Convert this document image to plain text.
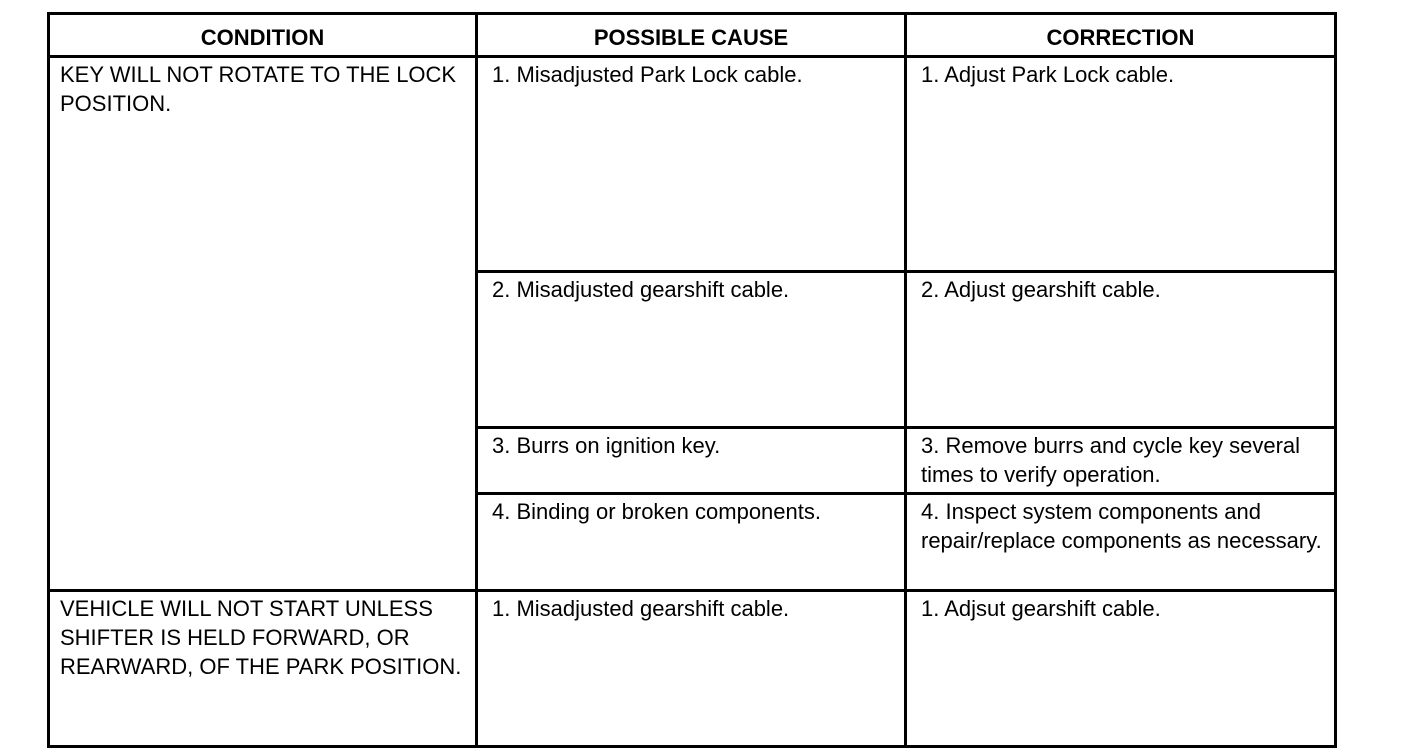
CONDITION	POSSIBLE CAUSE	CORRECTION
KEY WILL NOT ROTATE TO THE LOCK POSITION.	1. Misadjusted Park Lock cable.	1. Adjust Park Lock cable.
	2. Misadjusted gearshift cable.	2. Adjust gearshift cable.
	3. Burrs on ignition key.	3. Remove burrs and cycle key several times to verify operation.
	4. Binding or broken components.	4. Inspect system components and repair/replace components as necessary.
VEHICLE WILL NOT START UNLESS SHIFTER IS HELD FORWARD, OR REARWARD, OF THE PARK POSITION.	1. Misadjusted gearshift cable.	1. Adjsut gearshift cable.
